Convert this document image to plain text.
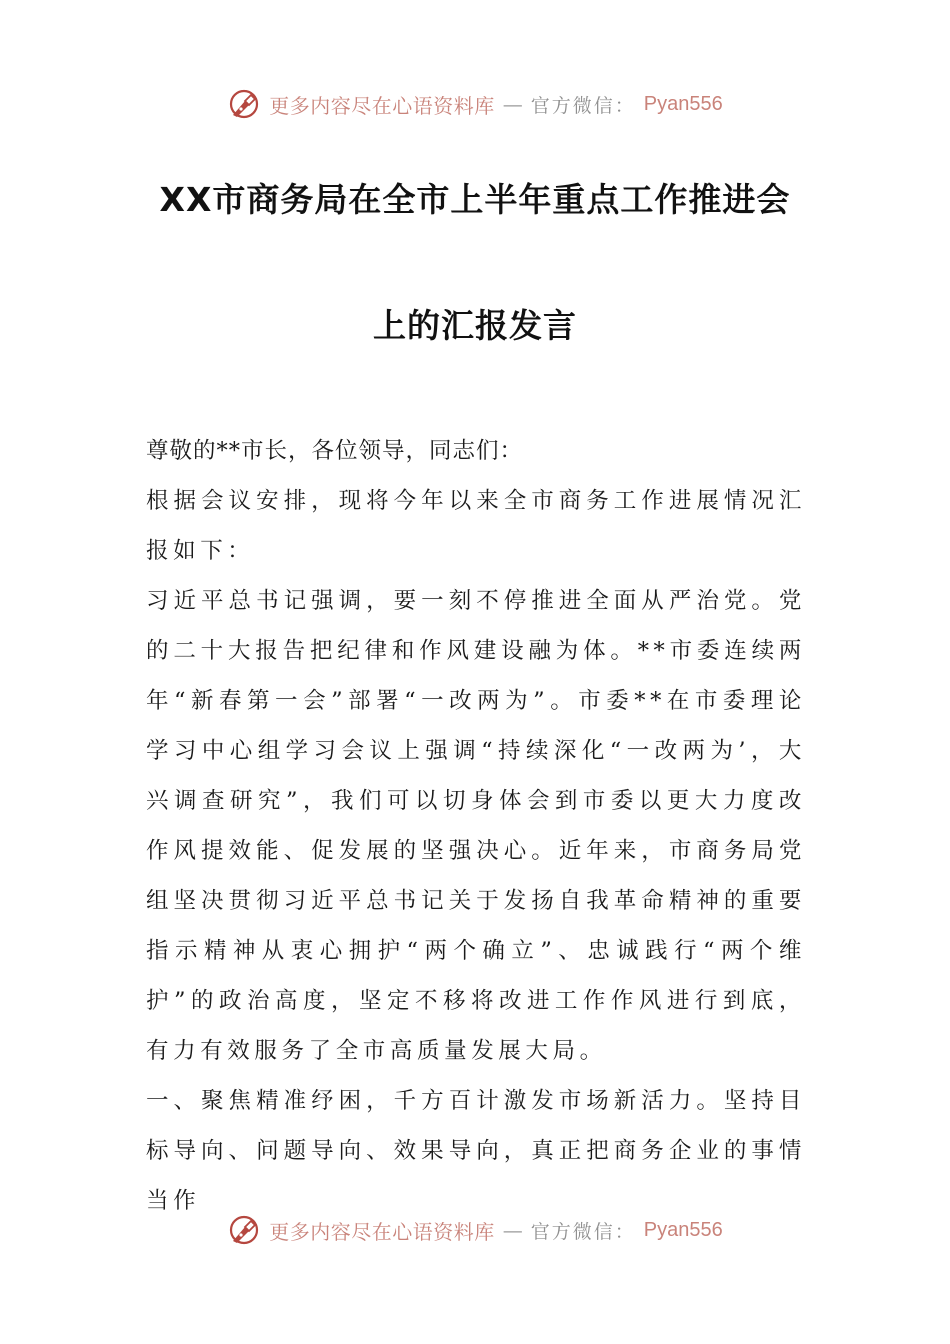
更多内容尽在心语资料库 — 官方微信： Pyan556
XX市商务局在全市上半年重点工作推进会
上的汇报发言

尊敬的**市长，各位领导，同志们：

根据会议安排，现将今年以来全市商务工作进展情况汇报如下：

习近平总书记强调，要一刻不停推进全面从严治党。党的二十大报告把纪律和作风建设融为体。**市委连续两年“新春第一会”部署“一改两为”。市委**在市委理论学习中心组学习会议上强调“持续深化“一改两为’，大兴调查研究”，我们可以切身体会到市委以更大力度改作风提效能、促发展的坚强决心。近年来，市商务局党组坚决贯彻习近平总书记关于发扬自我革命精神的重要指示精神从衷心拥护“两个确立”、忠诚践行“两个维护”的政治高度，坚定不移将改进工作作风进行到底，有力有效服务了全市高质量发展大局。

一、聚焦精准纾困，千方百计激发市场新活力。坚持目标导向、问题导向、效果导向，真正把商务企业的事情当作

更多内容尽在心语资料库 — 官方微信： Pyan556
